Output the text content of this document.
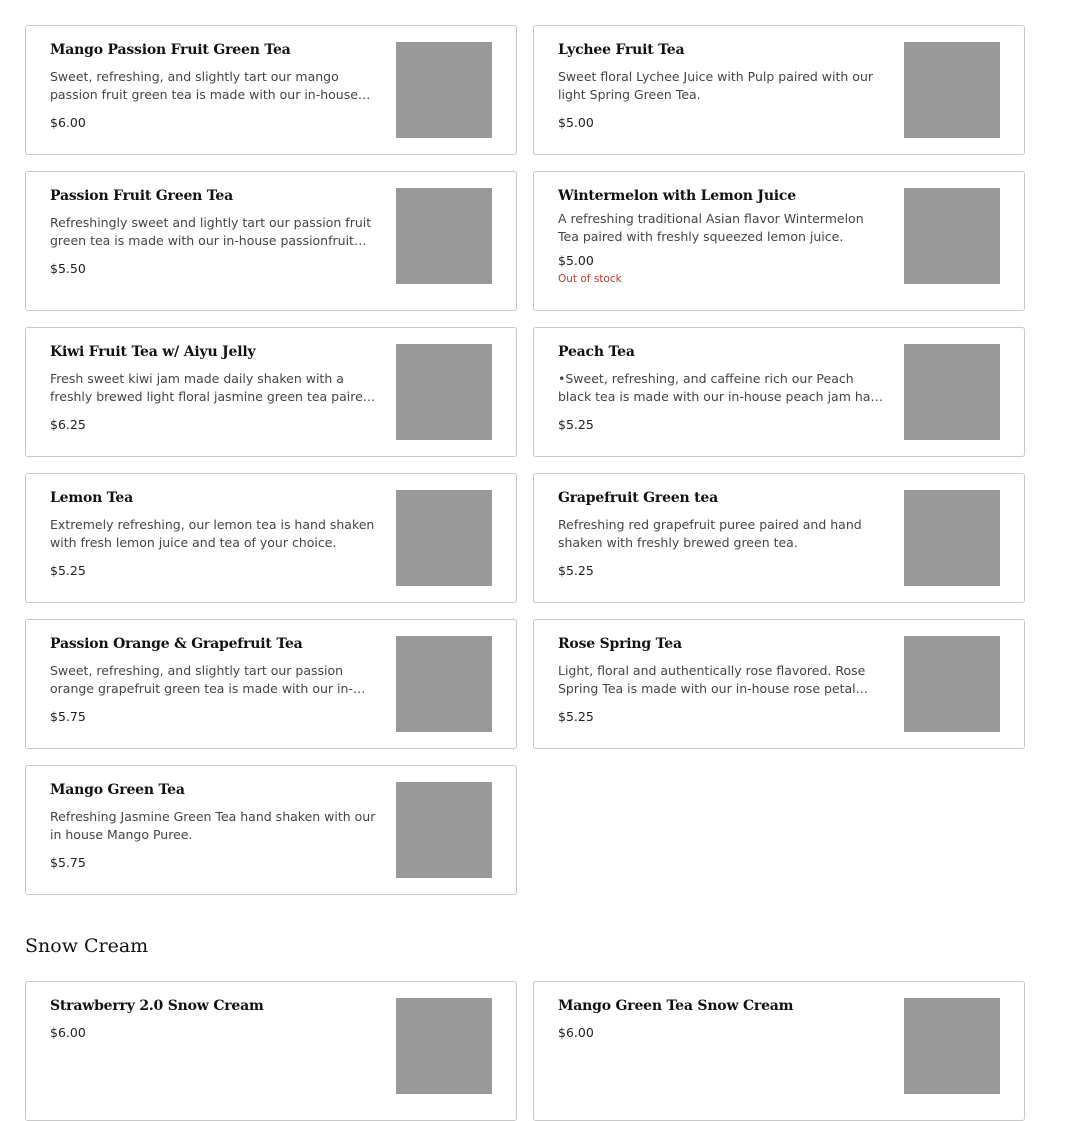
Mango Passion Fruit Green Tea
Sweet, refreshing, and slightly tart our mango passion fruit green tea is made with our in-house
$6.00
Lychee Fruit Tea
Sweet floral Lychee Juice with Pulp paired with our light Spring Green Tea.
$5.00
Passion Fruit Green Tea
Refreshingly sweet and lightly tart our passion fruit green tea is made with our in-house passionfruit
$5.50
Wintermelon with Lemon Juice
A refreshing traditional Asian flavor Wintermelon Tea paired with freshly squeezed lemon juice.
$5.00
Out of stock
Kiwi Fruit Tea w/ Aiyu Jelly
Fresh sweet kiwi jam made daily shaken with a freshly brewed light floral jasmine green tea paired
$6.25
Peach Tea
•Sweet, refreshing, and caffeine rich our Peach black tea is made with our in-house peach jam hand
$5.25
Lemon Tea
Extremely refreshing, our lemon tea is hand shaken with fresh lemon juice and tea of your choice.
$5.25
Grapefruit Green tea
Refreshing red grapefruit puree paired and hand shaken with freshly brewed green tea.
$5.25
Passion Orange & Grapefruit Tea
Sweet, refreshing, and slightly tart our passion orange grapefruit green tea is made with our in-
$5.75
Rose Spring Tea
Light, floral and authentically rose flavored. Rose Spring Tea is made with our in-house rose petal
$5.25
Mango Green Tea
Refreshing Jasmine Green Tea hand shaken with our in house Mango Puree.
$5.75
Snow Cream
Strawberry 2.0 Snow Cream
$6.00
Mango Green Tea Snow Cream
$6.00
